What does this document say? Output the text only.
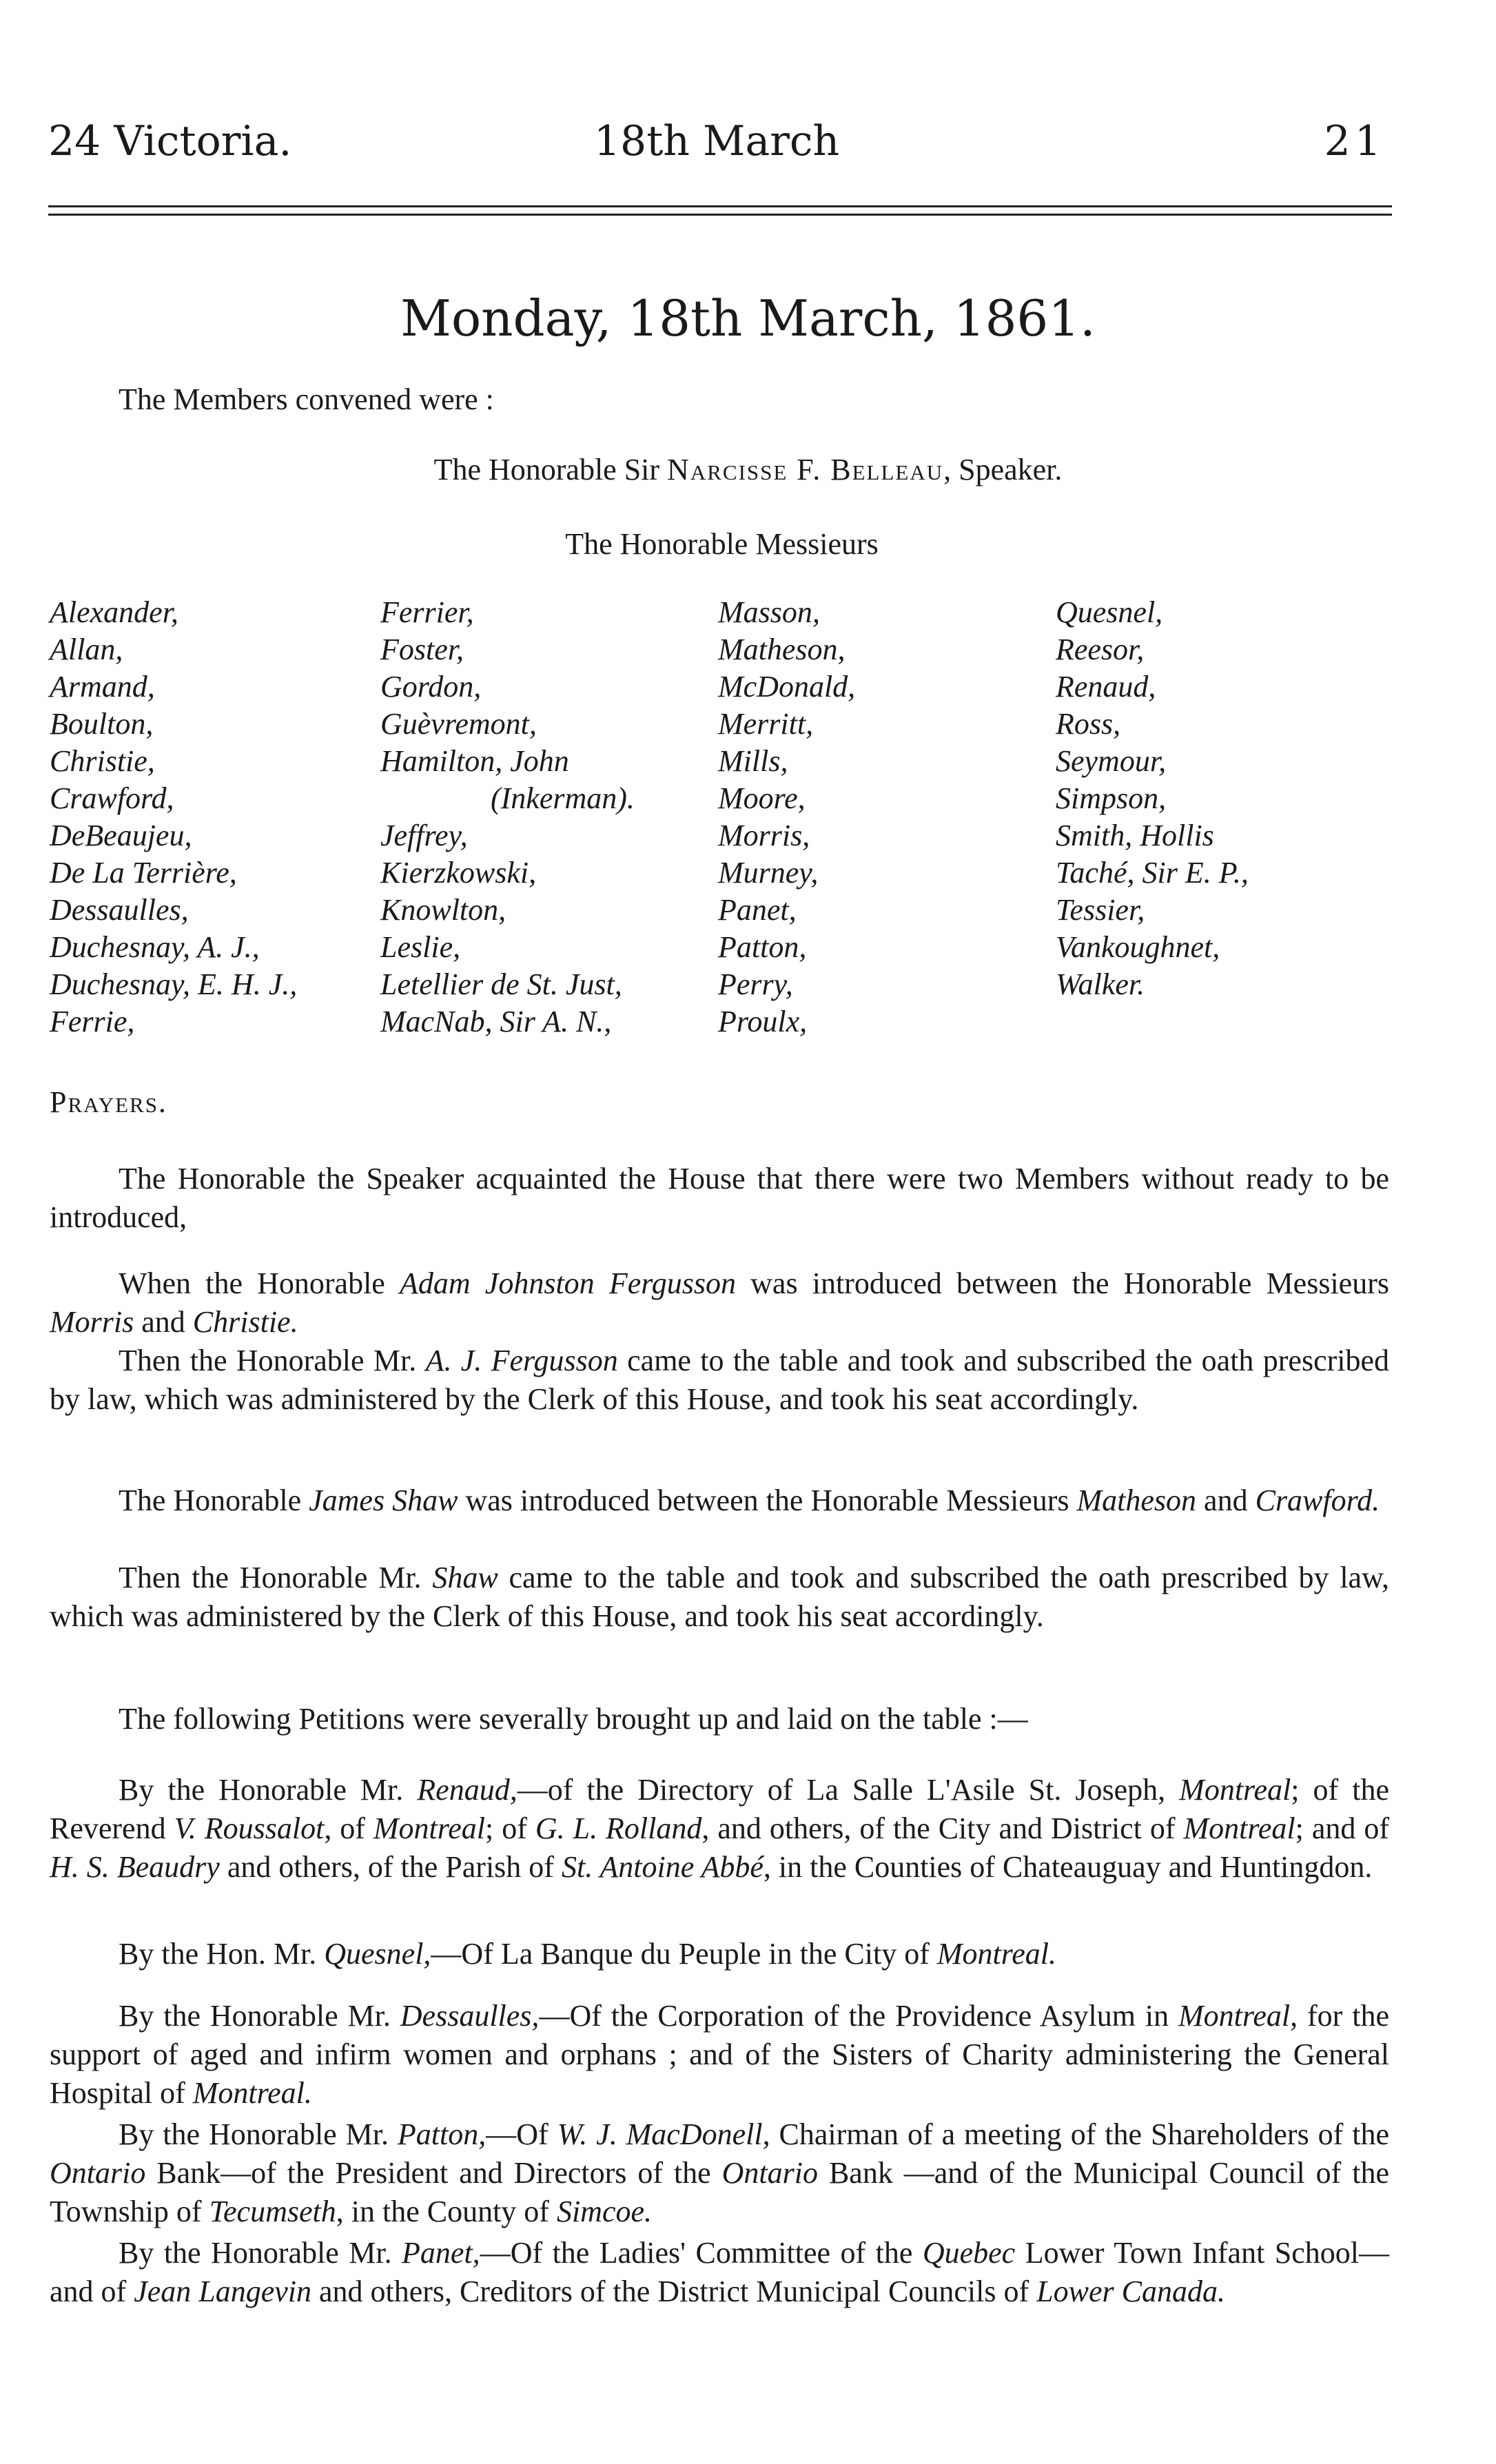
24 Victoria.	18th March	21
Monday, 18th March, 1861.
The Members convened were :
The Honorable Sir Narcisse F. Belleau, Speaker.
The Honorable Messieurs
Alexander,
Allan,
Armand,
Boulton,
Christie,
Crawford,
DeBeaujeu,
De La Terrière,
Dessaulles,
Duchesnay, A. J.,
Duchesnay, E. H. J.,
Ferrie,
Ferrier,
Foster,
Gordon,
Guèvremont,
Hamilton, John
(Inkerman).
Jeffrey,
Kierzkowski,
Knowlton,
Leslie,
Letellier de St. Just,
MacNab, Sir A. N.,
Masson,
Matheson,
McDonald,
Merritt,
Mills,
Moore,
Morris,
Murney,
Panet,
Patton,
Perry,
Proulx,
Quesnel,
Reesor,
Renaud,
Ross,
Seymour,
Simpson,
Smith, Hollis
Taché, Sir E. P.,
Tessier,
Vankoughnet,
Walker.
Prayers.
The Honorable the Speaker acquainted the House that there were two Members without ready to be introduced,
When the Honorable Adam Johnston Fergusson was introduced between the Honorable Messieurs Morris and Christie.
Then the Honorable Mr. A. J. Fergusson came to the table and took and subscribed the oath prescribed by law, which was administered by the Clerk of this House, and took his seat accordingly.
The Honorable James Shaw was introduced between the Honorable Messieurs Matheson and Crawford.
Then the Honorable Mr. Shaw came to the table and took and subscribed the oath prescribed by law, which was administered by the Clerk of this House, and took his seat accordingly.
The following Petitions were severally brought up and laid on the table :—
By the Honorable Mr. Renaud,—of the Directory of La Salle L'Asile St. Joseph, Montreal; of the Reverend V. Roussalot, of Montreal; of G. L. Rolland, and others, of the City and District of Montreal; and of H. S. Beaudry and others, of the Parish of St. Antoine Abbé, in the Counties of Chateauguay and Huntingdon.
By the Hon. Mr. Quesnel,—Of La Banque du Peuple in the City of Montreal.
By the Honorable Mr. Dessaulles,—Of the Corporation of the Providence Asylum in Montreal, for the support of aged and infirm women and orphans ; and of the Sisters of Charity administering the General Hospital of Montreal.
By the Honorable Mr. Patton,—Of W. J. MacDonell, Chairman of a meeting of the Shareholders of the Ontario Bank—of the President and Directors of the Ontario Bank —and of the Municipal Council of the Township of Tecumseth, in the County of Simcoe.
By the Honorable Mr. Panet,—Of the Ladies' Committee of the Quebec Lower Town Infant School—and of Jean Langevin and others, Creditors of the District Municipal Councils of Lower Canada.
